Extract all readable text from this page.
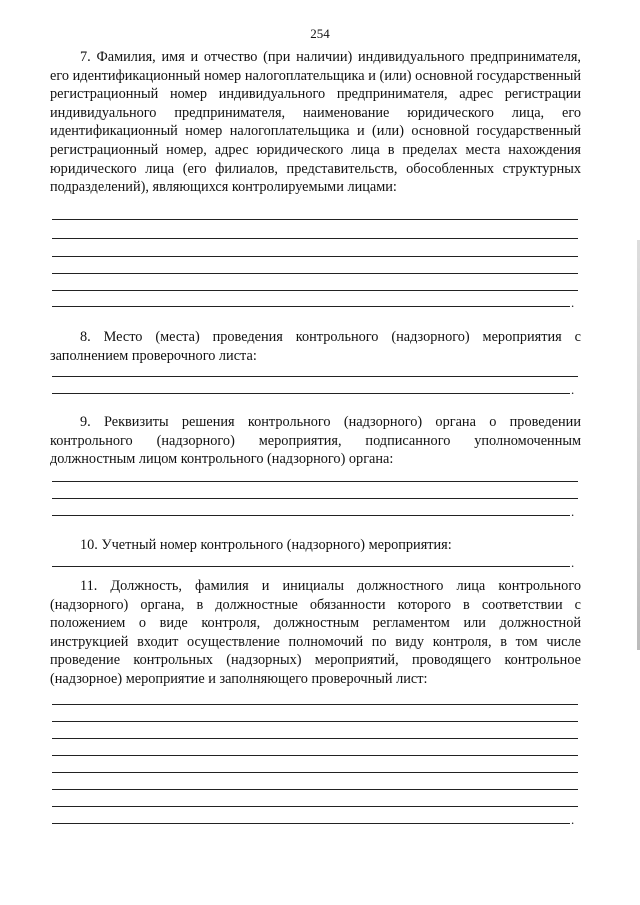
254

7. Фамилия, имя и отчество (при наличии) индивидуального предпринимателя, его идентификационный номер налогоплательщика и (или) основной государственный регистрационный номер индивидуального предпринимателя, адрес регистрации индивидуального предпринимателя, наименование юридического лица, его идентификационный номер налогоплательщика и (или) основной государственный регистрационный номер, адрес юридического лица в пределах места нахождения юридического лица (его филиалов, представительств, обособленных структурных подразделений), являющихся контролируемыми лицами:

.

8. Место (места) проведения контрольного (надзорного) мероприятия с заполнением проверочного листа:

.

9. Реквизиты решения контрольного (надзорного) органа о проведении контрольного (надзорного) мероприятия, подписанного уполномоченным должностным лицом контрольного (надзорного) органа:

.

10. Учетный номер контрольного (надзорного) мероприятия:

.

11. Должность, фамилия и инициалы должностного лица контрольного (надзорного) органа, в должностные обязанности которого в соответствии с положением о виде контроля, должностным регламентом или должностной инструкцией входит осуществление полномочий по виду контроля, в том числе проведение контрольных (надзорных) мероприятий, проводящего контрольное (надзорное) мероприятие и заполняющего проверочный лист:

.
